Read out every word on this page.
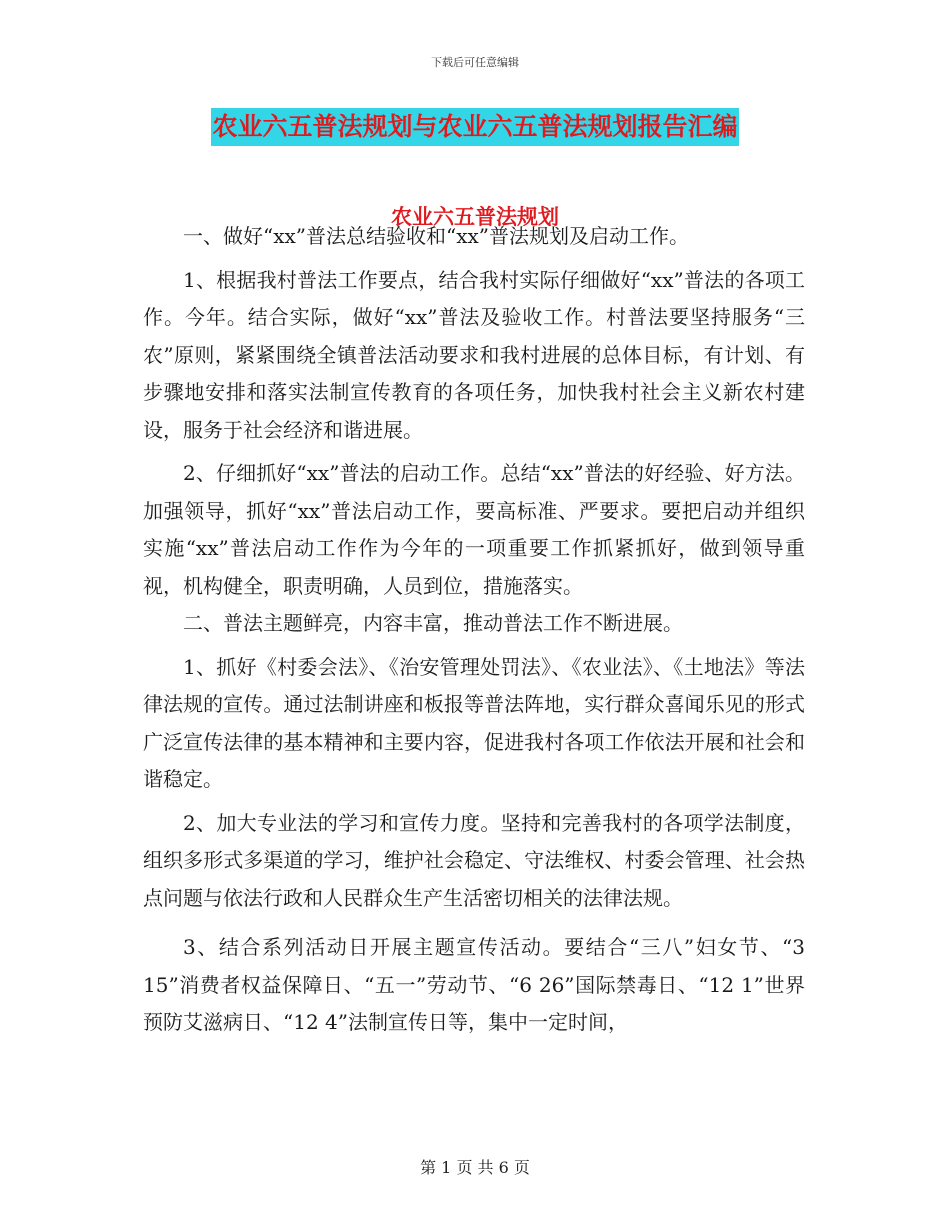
下载后可任意编辑
农业六五普法规划与农业六五普法规划报告汇编
农业六五普法规划

一、做好“xx”普法总结验收和“xx”普法规划及启动工作。

1、根据我村普法工作要点，结合我村实际仔细做好“xx”普法的各项工作。今年。结合实际，做好“xx”普法及验收工作。村普法要坚持服务“三农”原则，紧紧围绕全镇普法活动要求和我村进展的总体目标，有计划、有步骤地安排和落实法制宣传教育的各项任务，加快我村社会主义新农村建设，服务于社会经济和谐进展。

2、仔细抓好“xx”普法的启动工作。总结“xx”普法的好经验、好方法。加强领导，抓好“xx”普法启动工作，要高标准、严要求。要把启动并组织实施“xx”普法启动工作作为今年的一项重要工作抓紧抓好，做到领导重视，机构健全，职责明确，人员到位，措施落实。

二、普法主题鲜亮，内容丰富，推动普法工作不断进展。

1、抓好《村委会法》、《治安管理处罚法》、《农业法》、《土地法》等法律法规的宣传。通过法制讲座和板报等普法阵地，实行群众喜闻乐见的形式广泛宣传法律的基本精神和主要内容，促进我村各项工作依法开展和社会和谐稳定。

2、加大专业法的学习和宣传力度。坚持和完善我村的各项学法制度，组织多形式多渠道的学习，维护社会稳定、守法维权、村委会管理、社会热点问题与依法行政和人民群众生产生活密切相关的法律法规。

3、结合系列活动日开展主题宣传活动。要结合“三八”妇女节、“3 15”消费者权益保障日、“五一”劳动节、“6 26”国际禁毒日、“12 1”世界预防艾滋病日、“12 4”法制宣传日等，集中一定时间，

第 1 页 共 6 页
